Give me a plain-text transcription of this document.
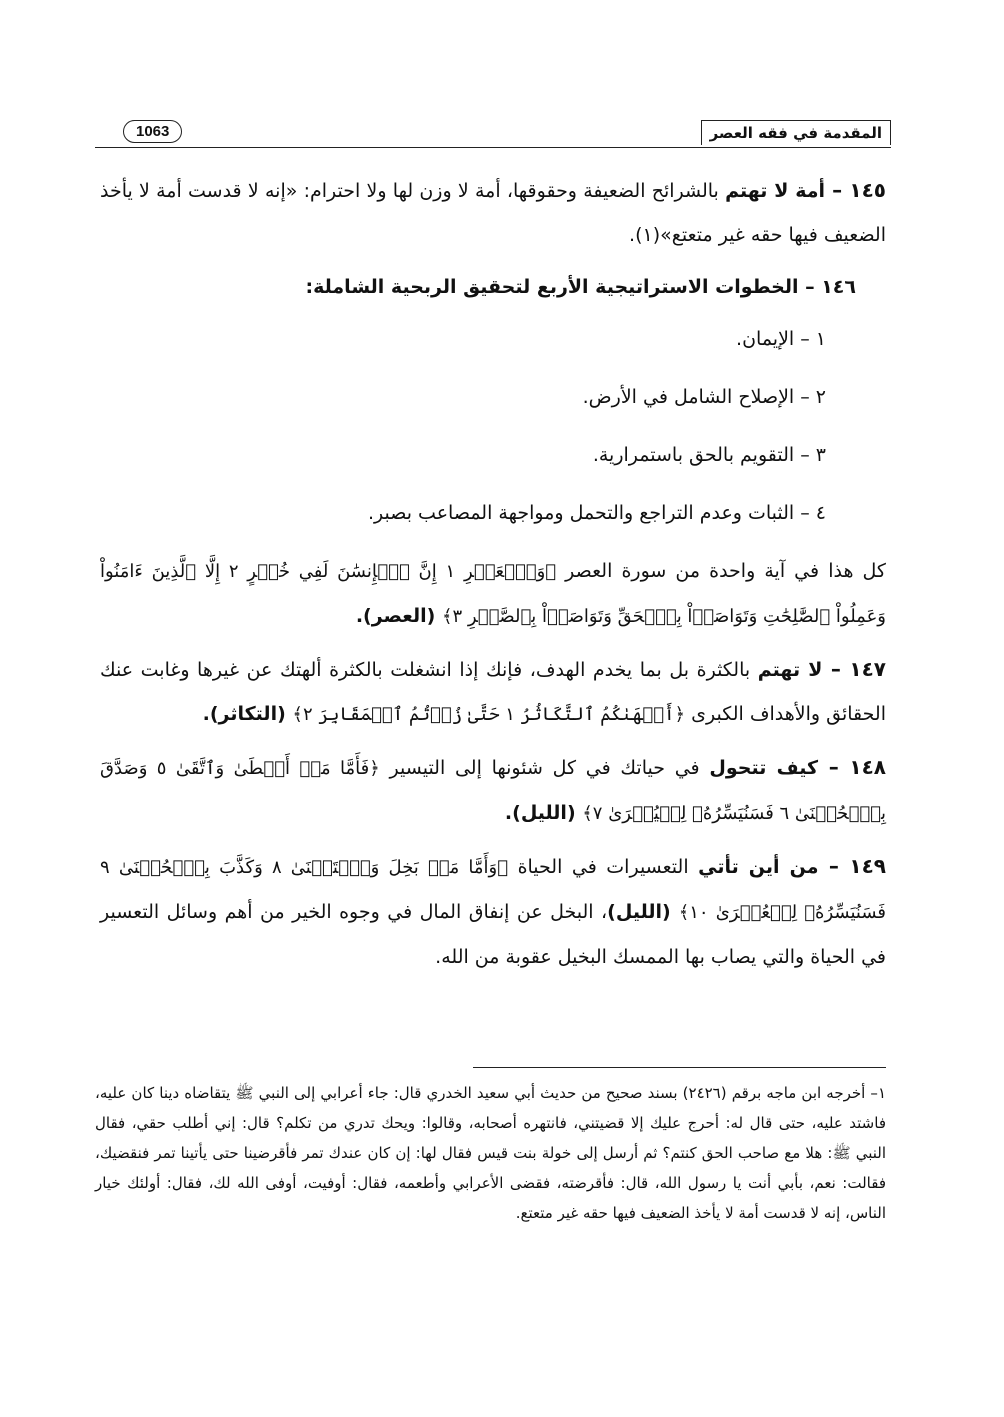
1063	المقدمة في فقه العصر

١٤٥ – أمة لا تهتم بالشرائح الضعيفة وحقوقها، أمة لا وزن لها ولا احترام: «إنه لا قدست أمة لا يأخذ الضعيف فيها حقه غير متعتع»(١).

١٤٦ – الخطوات الاستراتيجية الأربع لتحقيق الربحية الشاملة:
١ – الإيمان.
٢ – الإصلاح الشامل في الأرض.
٣ – التقويم بالحق باستمرارية.
٤ – الثبات وعدم التراجع والتحمل ومواجهة المصاعب بصبر.

كل هذا في آية واحدة من سورة العصر ﴿وَٱلۡعَصۡرِ ١ إِنَّ ٱلۡإِنسَٰنَ لَفِي خُسۡرٍ ٢ إِلَّا ٱلَّذِينَ ءَامَنُواْ وَعَمِلُواْ ٱلصَّٰلِحَٰتِ وَتَوَاصَوۡاْ بِٱلۡحَقِّ وَتَوَاصَوۡاْ بِٱلصَّبۡرِ ٣﴾ (العصر).

١٤٧ – لا تهتم بالكثرة بل بما يخدم الهدف، فإنك إذا انشغلت بالكثرة ألهتك عن غيرها وغابت عنك الحقائق والأهداف الكبرى ﴿أَلۡهَىٰكُمُ ٱلتَّكَاثُرُ ١ حَتَّىٰ زُرۡتُمُ ٱلۡمَقَابِرَ ٢﴾ (التكاثر).

١٤٨ – كيف تتحول في حياتك في كل شئونها إلى التيسير ﴿فَأَمَّا مَنۡ أَعۡطَىٰ وَٱتَّقَىٰ ٥ وَصَدَّقَ بِٱلۡحُسۡنَىٰ ٦ فَسَنُيَسِّرُهُۥ لِلۡيُسۡرَىٰ ٧﴾ (الليل).

١٤٩ – من أين تأتي التعسيرات في الحياة ﴿وَأَمَّا مَنۢ بَخِلَ وَٱسۡتَغۡنَىٰ ٨ وَكَذَّبَ بِٱلۡحُسۡنَىٰ ٩ فَسَنُيَسِّرُهُۥ لِلۡعُسۡرَىٰ ١٠﴾ (الليل)، البخل عن إنفاق المال في وجوه الخير من أهم وسائل التعسير في الحياة والتي يصاب بها الممسك البخيل عقوبة من الله.

١– أخرجه ابن ماجه برقم (٢٤٢٦) بسند صحيح من حديث أبي سعيد الخدري قال: جاء أعرابي إلى النبي ﷺ يتقاضاه دينا كان عليه، فاشتد عليه، حتى قال له: أحرج عليك إلا قضيتني، فانتهره أصحابه، وقالوا: ويحك تدري من تكلم؟ قال: إني أطلب حقي، فقال النبي ﷺ: هلا مع صاحب الحق كنتم؟ ثم أرسل إلى خولة بنت قيس فقال لها: إن كان عندك تمر فأقرضينا حتى يأتينا تمر فنقضيك، فقالت: نعم، بأبي أنت يا رسول الله، قال: فأقرضته، فقضى الأعرابي وأطعمه، فقال: أوفيت، أوفى الله لك، فقال: أولئك خيار الناس، إنه لا قدست أمة لا يأخذ الضعيف فيها حقه غير متعتع.
